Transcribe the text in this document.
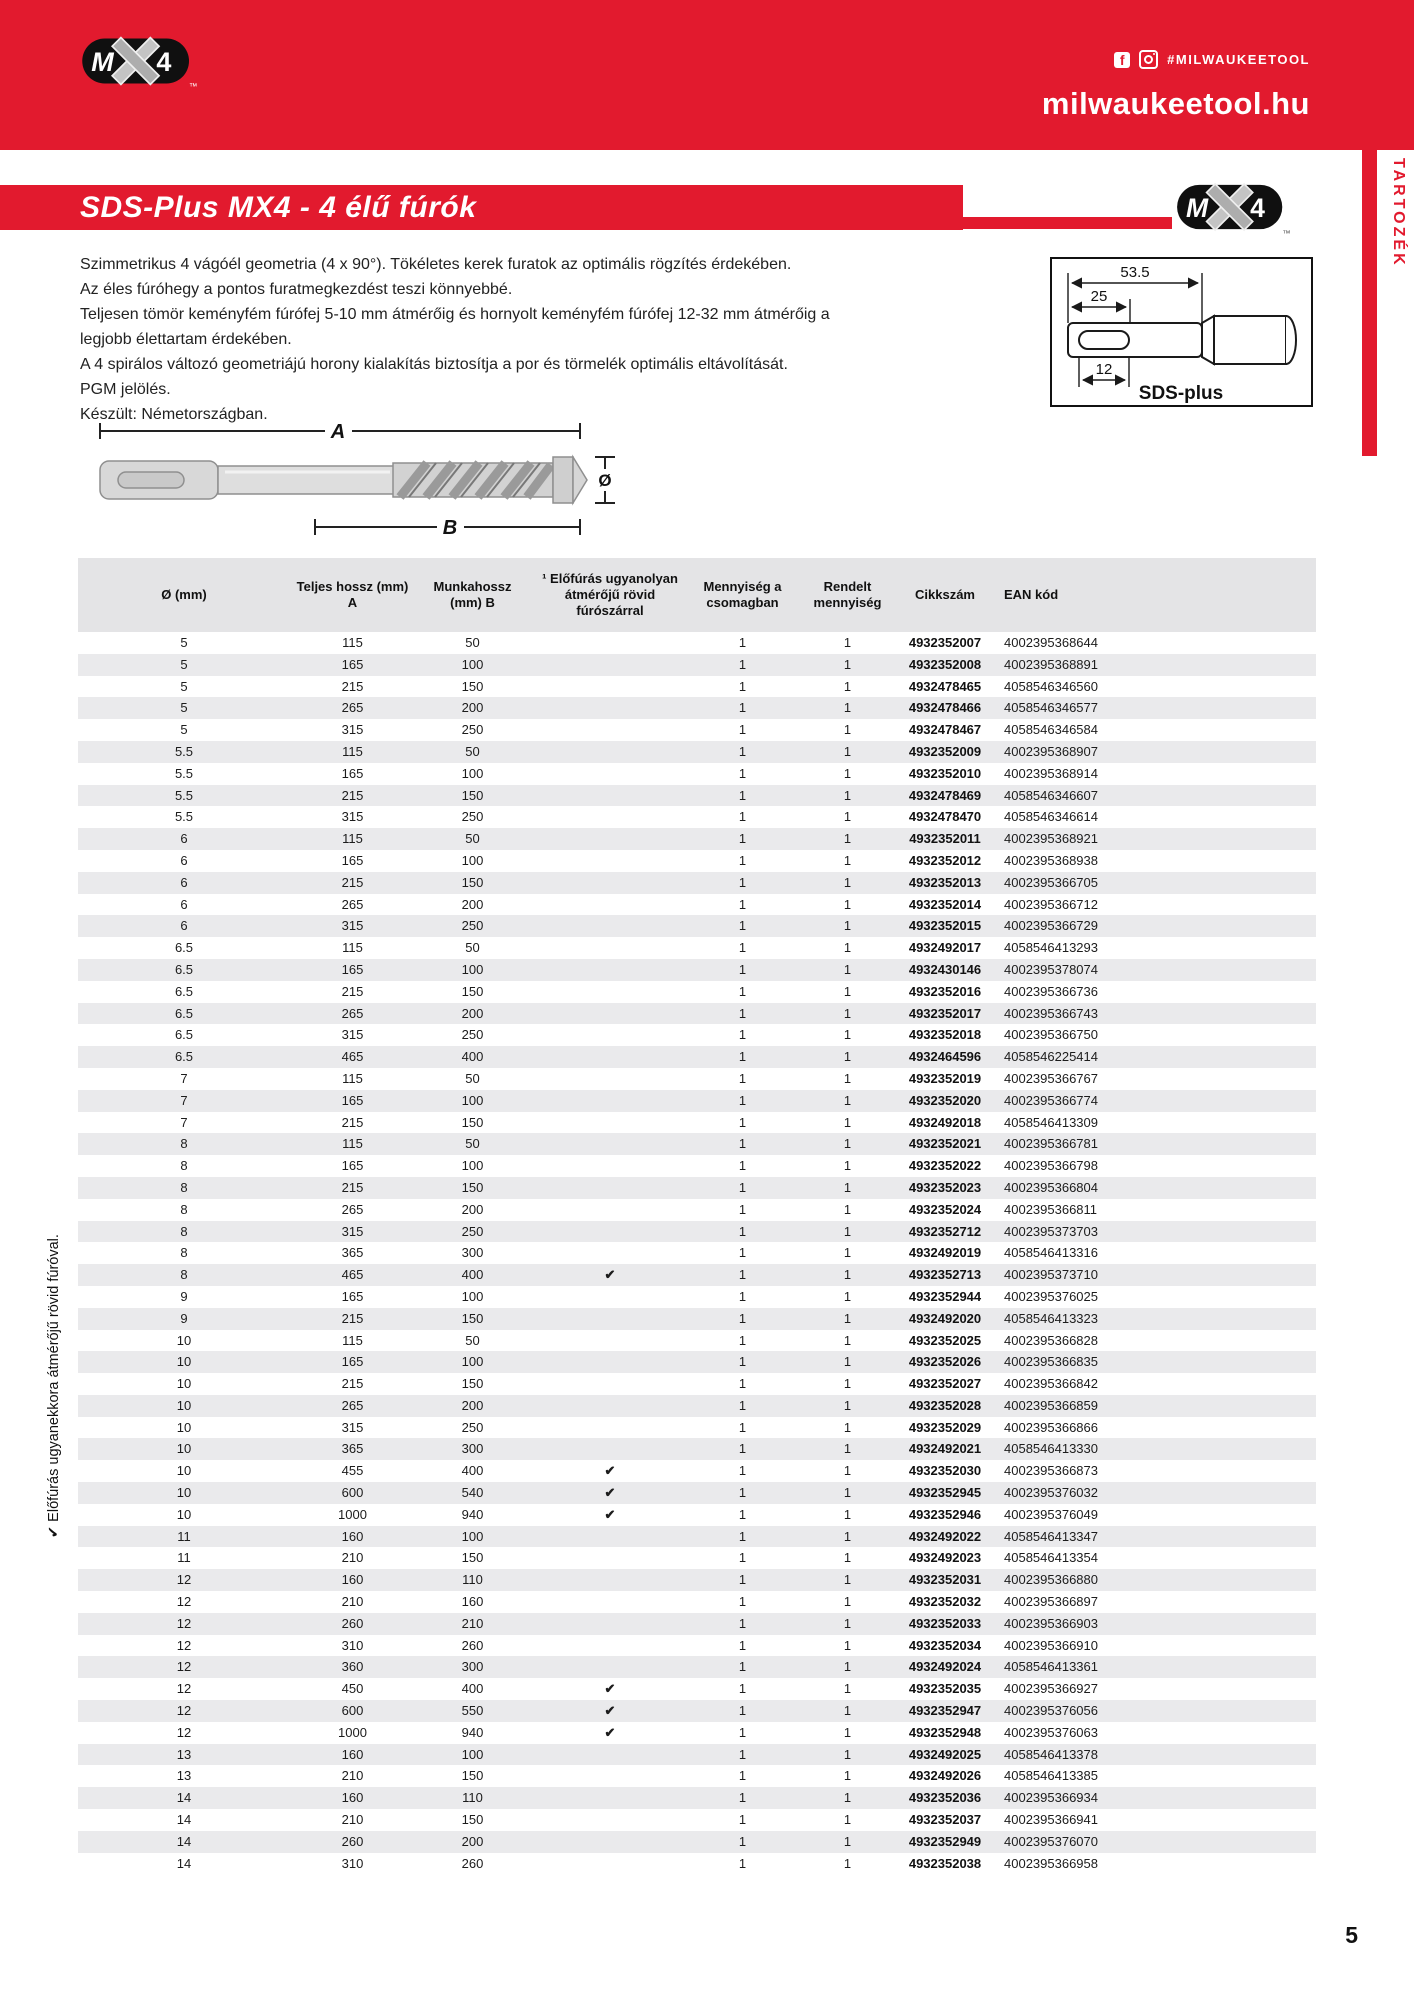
M 4
™
f	#MILWAUKEETOOL
milwaukeetool.hu
SDS-Plus MX4 - 4 élű fúrók	M 4
™	TARTOZÉK
Szimmetrikus 4 vágóél geometria (4 x 90°). Tökéletes kerek furatok az optimális rögzítés érdekében.
Az éles fúróhegy a pontos furatmegkezdést teszi könnyebbé.
Teljesen tömör keményfém fúrófej 5-10 mm átmérőig és hornyolt keményfém fúrófej 12-32 mm átmérőig a legjobb élettartam érdekében.
A 4 spirálos változó geometriájú horony kialakítás biztosítja a por és törmelék optimális eltávolítását.
PGM jelölés.
Készült: Németországban.
53.5
25
12
SDS-plus
A
Ø
B
Ø (mm)	Teljes hossz (mm) A	Munkahossz (mm) B	¹ Előfúrás ugyanolyan átmérőjű rövid fúrószárral	Mennyiség a csomagban	Rendelt mennyiség	Cikkszám	EAN kód
5	115	50		1	1	4932352007	4002395368644
5	165	100		1	1	4932352008	4002395368891
5	215	150		1	1	4932478465	4058546346560
5	265	200		1	1	4932478466	4058546346577
5	315	250		1	1	4932478467	4058546346584
5.5	115	50		1	1	4932352009	4002395368907
5.5	165	100		1	1	4932352010	4002395368914
5.5	215	150		1	1	4932478469	4058546346607
5.5	315	250		1	1	4932478470	4058546346614
6	115	50		1	1	4932352011	4002395368921
6	165	100		1	1	4932352012	4002395368938
6	215	150		1	1	4932352013	4002395366705
6	265	200		1	1	4932352014	4002395366712
6	315	250		1	1	4932352015	4002395366729
6.5	115	50		1	1	4932492017	4058546413293
6.5	165	100		1	1	4932430146	4002395378074
6.5	215	150		1	1	4932352016	4002395366736
6.5	265	200		1	1	4932352017	4002395366743
6.5	315	250		1	1	4932352018	4002395366750
6.5	465	400		1	1	4932464596	4058546225414
7	115	50		1	1	4932352019	4002395366767
7	165	100		1	1	4932352020	4002395366774
7	215	150		1	1	4932492018	4058546413309
8	115	50		1	1	4932352021	4002395366781
8	165	100		1	1	4932352022	4002395366798
8	215	150		1	1	4932352023	4002395366804
8	265	200		1	1	4932352024	4002395366811
8	315	250		1	1	4932352712	4002395373703
8	365	300		1	1	4932492019	4058546413316
8	465	400	✔	1	1	4932352713	4002395373710
9	165	100		1	1	4932352944	4002395376025
9	215	150		1	1	4932492020	4058546413323
10	115	50		1	1	4932352025	4002395366828
10	165	100		1	1	4932352026	4002395366835
10	215	150		1	1	4932352027	4002395366842
10	265	200		1	1	4932352028	4002395366859
10	315	250		1	1	4932352029	4002395366866
10	365	300		1	1	4932492021	4058546413330
10	455	400	✔	1	1	4932352030	4002395366873
10	600	540	✔	1	1	4932352945	4002395376032
10	1000	940	✔	1	1	4932352946	4002395376049
11	160	100		1	1	4932492022	4058546413347
11	210	150		1	1	4932492023	4058546413354
12	160	110		1	1	4932352031	4002395366880
12	210	160		1	1	4932352032	4002395366897
12	260	210		1	1	4932352033	4002395366903
12	310	260		1	1	4932352034	4002395366910
12	360	300		1	1	4932492024	4058546413361
12	450	400	✔	1	1	4932352035	4002395366927
12	600	550	✔	1	1	4932352947	4002395376056
12	1000	940	✔	1	1	4932352948	4002395376063
13	160	100		1	1	4932492025	4058546413378
13	210	150		1	1	4932492026	4058546413385
14	160	110		1	1	4932352036	4002395366934
14	210	150		1	1	4932352037	4002395366941
14	260	200		1	1	4932352949	4002395376070
14	310	260		1	1	4932352038	4002395366958
✔ Előfúrás ugyanekkora átmérőjű rövid fúróval.
5
